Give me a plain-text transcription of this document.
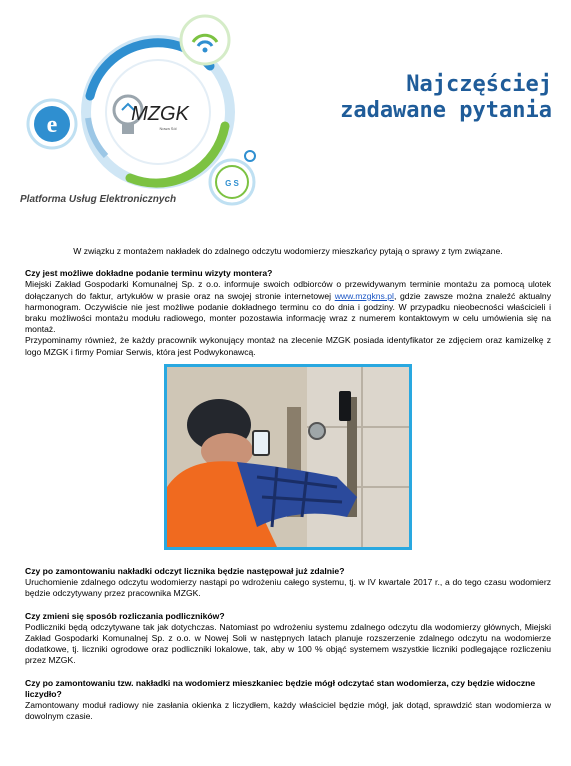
e	MZGK
Nowa Sól
G S
Platforma Usług Elektronicznych
Najczęściej
zadawane pytania

W związku z montażem nakładek do zdalnego odczytu wodomierzy mieszkańcy pytają o sprawy z tym związane.

Czy jest możliwe dokładne podanie terminu wizyty montera?

Miejski Zakład Gospodarki Komunalnej Sp. z o.o. informuje swoich odbiorców o przewidywanym terminie montażu za pomocą ulotek dołączanych do faktur, artykułów w prasie oraz na swojej stronie internetowej www.mzgkns.pl, gdzie zawsze można znaleźć aktualny harmonogram. Oczywiście nie jest możliwe podanie dokładnego terminu co do dnia i godziny. W przypadku nieobecności właścicieli i braku możliwości montażu modułu radiowego, monter pozostawia informację wraz z numerem kontaktowym w celu umówienia się na montaż.

Przypominamy również, że każdy pracownik wykonujący montaż na zlecenie MZGK posiada identyfikator ze zdjęciem oraz kamizelkę z logo MZGK i firmy Pomiar Serwis, która jest Podwykonawcą.

Czy po zamontowaniu nakładki odczyt licznika będzie następował już zdalnie?

Uruchomienie zdalnego odczytu wodomierzy nastąpi po wdrożeniu całego systemu, tj. w IV kwartale 2017 r., a do tego czasu wodomierz będzie odczytywany przez pracownika MZGK.

Czy zmieni się sposób rozliczania podliczników?

Podliczniki będą odczytywane tak jak dotychczas. Natomiast po wdrożeniu systemu zdalnego odczytu dla wodomierzy głównych, Miejski Zakład Gospodarki Komunalnej Sp. z o.o. w Nowej Soli w następnych latach planuje rozszerzenie zdalnego odczytu na wodomierze dodatkowe, tj. liczniki ogrodowe oraz podliczniki lokalowe, tak, aby w 100 % objąć systemem wszystkie liczniki podlegające rozliczeniu przez MZGK.

Czy po zamontowaniu tzw. nakładki na wodomierz mieszkaniec będzie mógł odczytać stan wodomierza, czy będzie widoczne liczydło?

Zamontowany moduł radiowy nie zasłania okienka z liczydłem, każdy właściciel będzie mógł, jak dotąd, sprawdzić stan wodomierza w dowolnym czasie.
